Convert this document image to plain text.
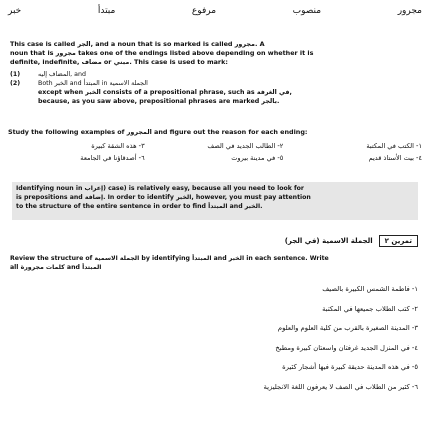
مجرور
منصوب
مرفوع
مبتدأ
خبر

This case is called الجر, and a noun that is so marked is called مجرور. A

noun that is مجرور takes one of the endings listed above depending on whether it is

definite, indefinite, مضاف or مبني. This case is used to mark:

(1)	المضاف إليه, and
(2)	Both الخبر and المبتدأ in الجملة الاسمية
except when الخبر consists of a prepositional phrase, such as في الغرفة,
because, as you saw above, prepositional phrases are marked بالجر.
Study the following examples of المجرور and figure out the reason for each ending:
١- الكتب في المكتبة
٢- الطالب الجديد في الصف
٣- هذه الشقة كبيرة
٤- بيت الأستاذ قديم
٥- في مدينة بيروت
٦- أصدقاؤنا في الجامعة

Identifying noun in إعراب) case) is relatively easy, because all you need to look for

is prepositions and إضافة. In order to identify الخبر, however, you must pay attention

to the structure of the entire sentence in order to find المبتدأ and الخبر.

تمرين ٢
الجملة الاسمية (في الجر)

Review the structure of الجملة الاسمية by identifying المبتدأ and الخبر in each sentence. Write

all كلمات مجرورة and المبتدأ

١- فاطمة الشمس الكبيرة بالصيف
٢- كتب الطلاب جميعها في المكتبة
٣- المدينة الصغيرة بالقرب من كلية العلوم والعلوم
٤- في المنزل الجديد غرفتان واسعتان كبيرة ومطبخ
٥- في هذه المدينة حديقة كبيرة فيها أشجار كثيرة
٦- كثير من الطلاب في الصف لا يعرفون اللغة الانجليزية
